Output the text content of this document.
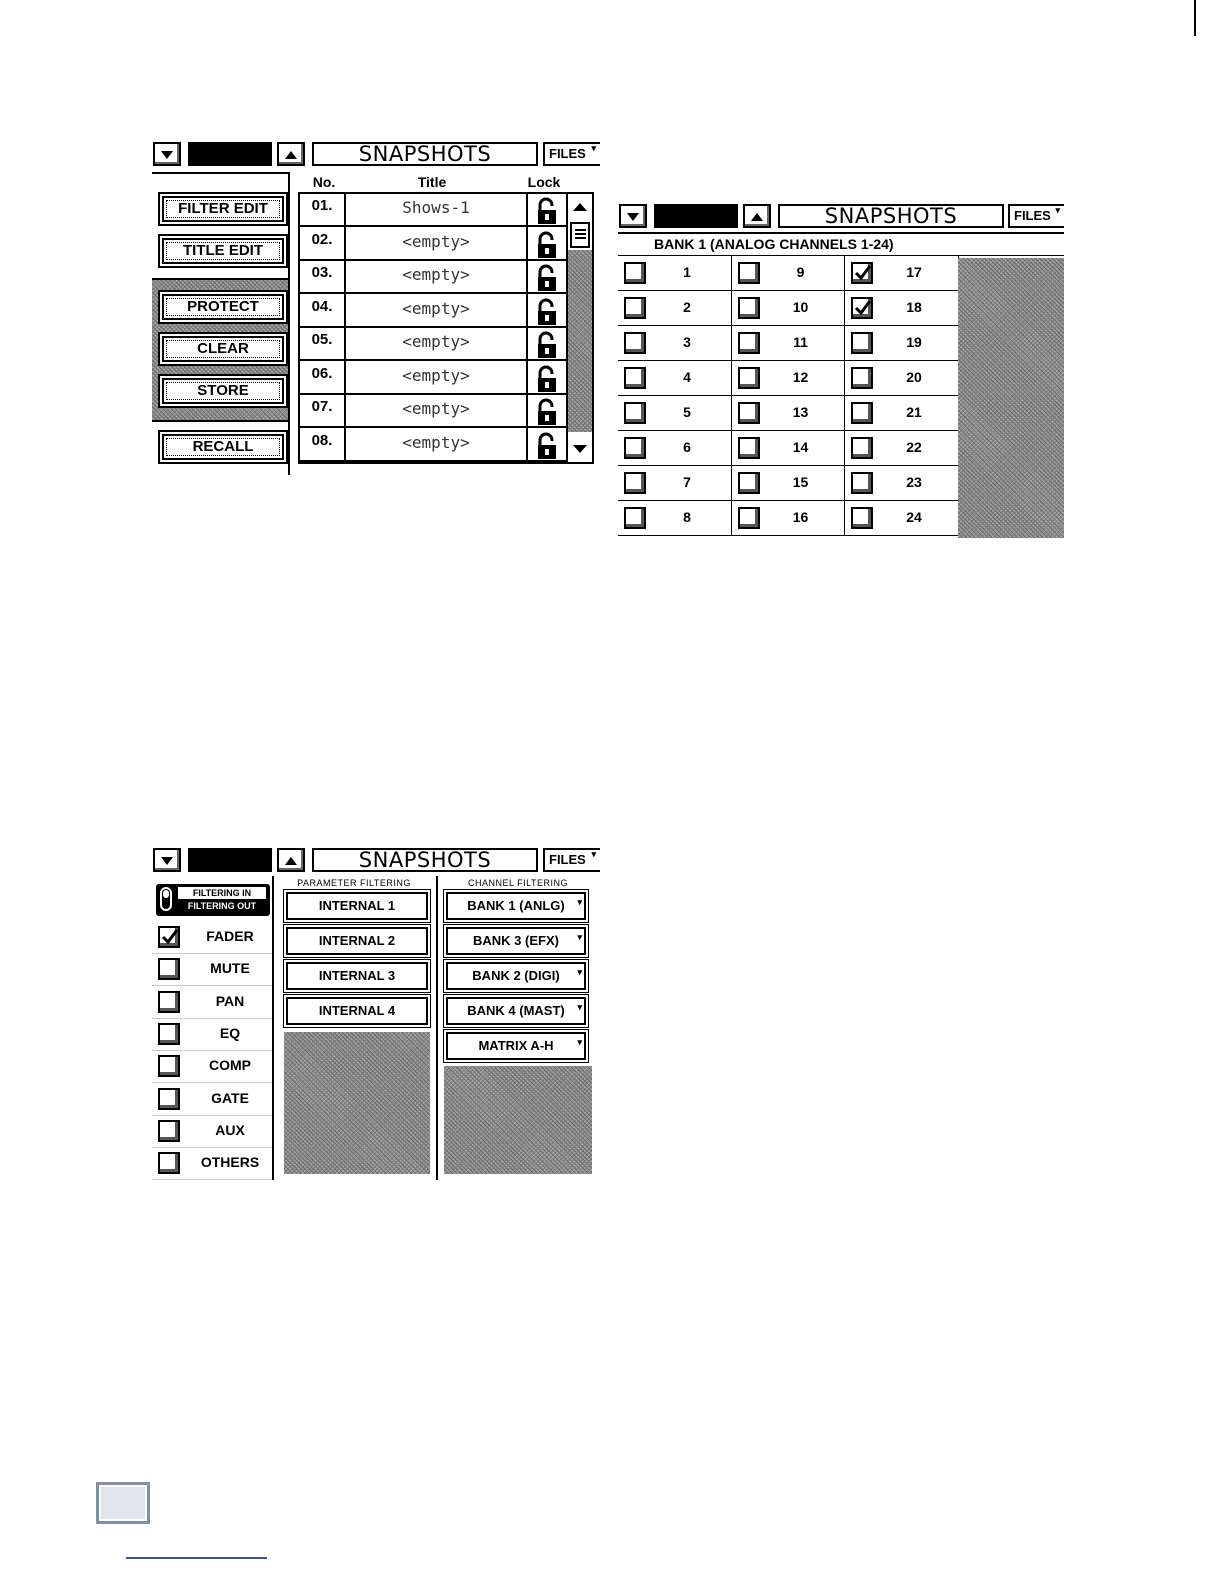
SNAPSHOTS	FILES ▾
FILTER EDIT
TITLE EDIT
PROTECT
CLEAR
STORE
RECALL
No.	Title	Lock
01.	Shows-1
02.	<empty>
03.	<empty>
04.	<empty>
05.	<empty>
06.	<empty>
07.	<empty>
08.	<empty>
SNAPSHOTS	FILES ▾
BANK 1 (ANALOG CHANNELS 1-24)
1	9	17
2	10	18
3	11	19
4	12	20
5	13	21
6	14	22
7	15	23
8	16	24
SNAPSHOTS	FILES ▾
FILTERING IN
FILTERING OUT
FADER
MUTE
PAN
EQ
COMP
GATE
AUX
OTHERS
PARAMETER FILTERING	CHANNEL FILTERING
INTERNAL 1
INTERNAL 2
INTERNAL 3
INTERNAL 4
BANK 1 (ANLG) ▾
BANK 3 (EFX) ▾
BANK 2 (DIGI) ▾
BANK 4 (MAST) ▾
MATRIX A-H	▾
